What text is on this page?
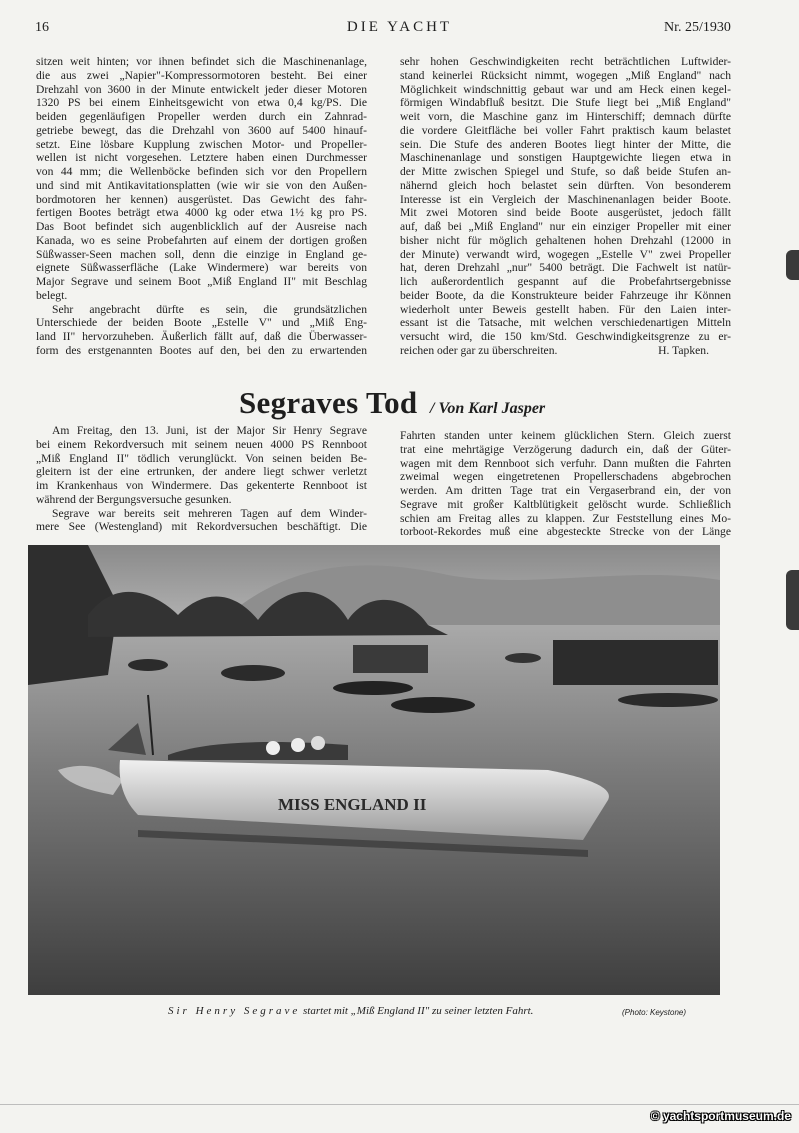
16	DIE YACHT	Nr. 25/1930
sitzen weit hinten; vor ihnen befindet sich die Maschinenanlage,
die aus zwei „Napier"-Kompressormotoren besteht. Bei einer
Drehzahl von 3600 in der Minute entwickelt jeder dieser Motoren
1320 PS bei einem Einheitsgewicht von etwa 0,4 kg/PS. Die
beiden gegenläufigen Propeller werden durch ein Zahnrad-
getriebe bewegt, das die Drehzahl von 3600 auf 5400 hinauf-
setzt. Eine lösbare Kupplung zwischen Motor- und Propeller-
wellen ist nicht vorgesehen. Letztere haben einen Durchmesser
von 44 mm; die Wellenböcke befinden sich vor den Propellern
und sind mit Antikavitationsplatten (wie wir sie von den Außen-
bordmotoren her kennen) ausgerüstet. Das Gewicht des fahr-
fertigen Bootes beträgt etwa 4000 kg oder etwa 1½ kg pro PS.
Das Boot befindet sich augenblicklich auf der Ausreise nach
Kanada, wo es seine Probefahrten auf einem der dortigen großen
Süßwasser-Seen machen soll, denn die einzige in England ge-
eignete Süßwasserfläche (Lake Windermere) war bereits von
Major Segrave und seinem Boot „Miß England II" mit Beschlag
belegt.
Sehr angebracht dürfte es sein, die grundsätzlichen
Unterschiede der beiden Boote „Estelle V" und „Miß Eng-
land II" hervorzuheben. Äußerlich fällt auf, daß die Überwasser-
form des erstgenannten Bootes auf den, bei den zu erwartenden
sehr hohen Geschwindigkeiten recht beträchtlichen Luftwider-
stand keinerlei Rücksicht nimmt, wogegen „Miß England" nach
Möglichkeit windschnittig gebaut war und am Heck einen kegel-
förmigen Windabfluß besitzt. Die Stufe liegt bei „Miß England"
weit vorn, die Maschine ganz im Hinterschiff; demnach dürfte
die vordere Gleitfläche bei voller Fahrt praktisch kaum belastet
sein. Die Stufe des anderen Bootes liegt hinter der Mitte, die
Maschinenanlage und sonstigen Hauptgewichte liegen etwa in
der Mitte zwischen Spiegel und Stufe, so daß beide Stufen an-
nähernd gleich hoch belastet sein dürften. Von besonderem
Interesse ist ein Vergleich der Maschinenanlagen beider Boote.
Mit zwei Motoren sind beide Boote ausgerüstet, jedoch fällt
auf, daß bei „Miß England" nur ein einziger Propeller mit einer
bisher nicht für möglich gehaltenen hohen Drehzahl (12000 in
der Minute) verwandt wird, wogegen „Estelle V" zwei Propeller
hat, deren Drehzahl „nur" 5400 beträgt. Die Fachwelt ist natür-
lich außerordentlich gespannt auf die Probefahrtsergebnisse
beider Boote, da die Konstrukteure beider Fahrzeuge ihr Können
wiederholt unter Beweis gestellt haben. Für den Laien inter-
essant ist die Tatsache, mit welchen verschiedenartigen Mitteln
versucht wird, die 150 km/Std. Geschwindigkeitsgrenze zu er-
reichen oder gar zu überschreiten.	H. Tapken.
Segraves Tod / Von Karl Jasper
Am Freitag, den 13. Juni, ist der Major Sir Henry Segrave
bei einem Rekordversuch mit seinem neuen 4000 PS Rennboot
„Miß England II" tödlich verunglückt. Von seinen beiden Be-
gleitern ist der eine ertrunken, der andere liegt schwer verletzt
im Krankenhaus von Windermere. Das gekenterte Rennboot ist
während der Bergungsversuche gesunken.
Segrave war bereits seit mehreren Tagen auf dem Winder-
mere See (Westengland) mit Rekordversuchen beschäftigt. Die
Fahrten standen unter keinem glücklichen Stern. Gleich zuerst
trat eine mehrtägige Verzögerung dadurch ein, daß der Güter-
wagen mit dem Rennboot sich verfuhr. Dann mußten die Fahrten
zweimal wegen eingetretenen Propellerschadens abgebrochen
werden. Am dritten Tage trat ein Vergaserbrand ein, der von
Segrave mit großer Kaltblütigkeit gelöscht wurde. Schließlich
schien am Freitag alles zu klappen. Zur Feststellung eines Mo-
torboot-Rekordes muß eine abgesteckte Strecke von der Länge
MISS ENGLAND II
Sir Henry Segrave startet mit „Miß England II" zu seiner letzten Fahrt.	(Photo: Keystone)
© yachtsportmuseum.de
